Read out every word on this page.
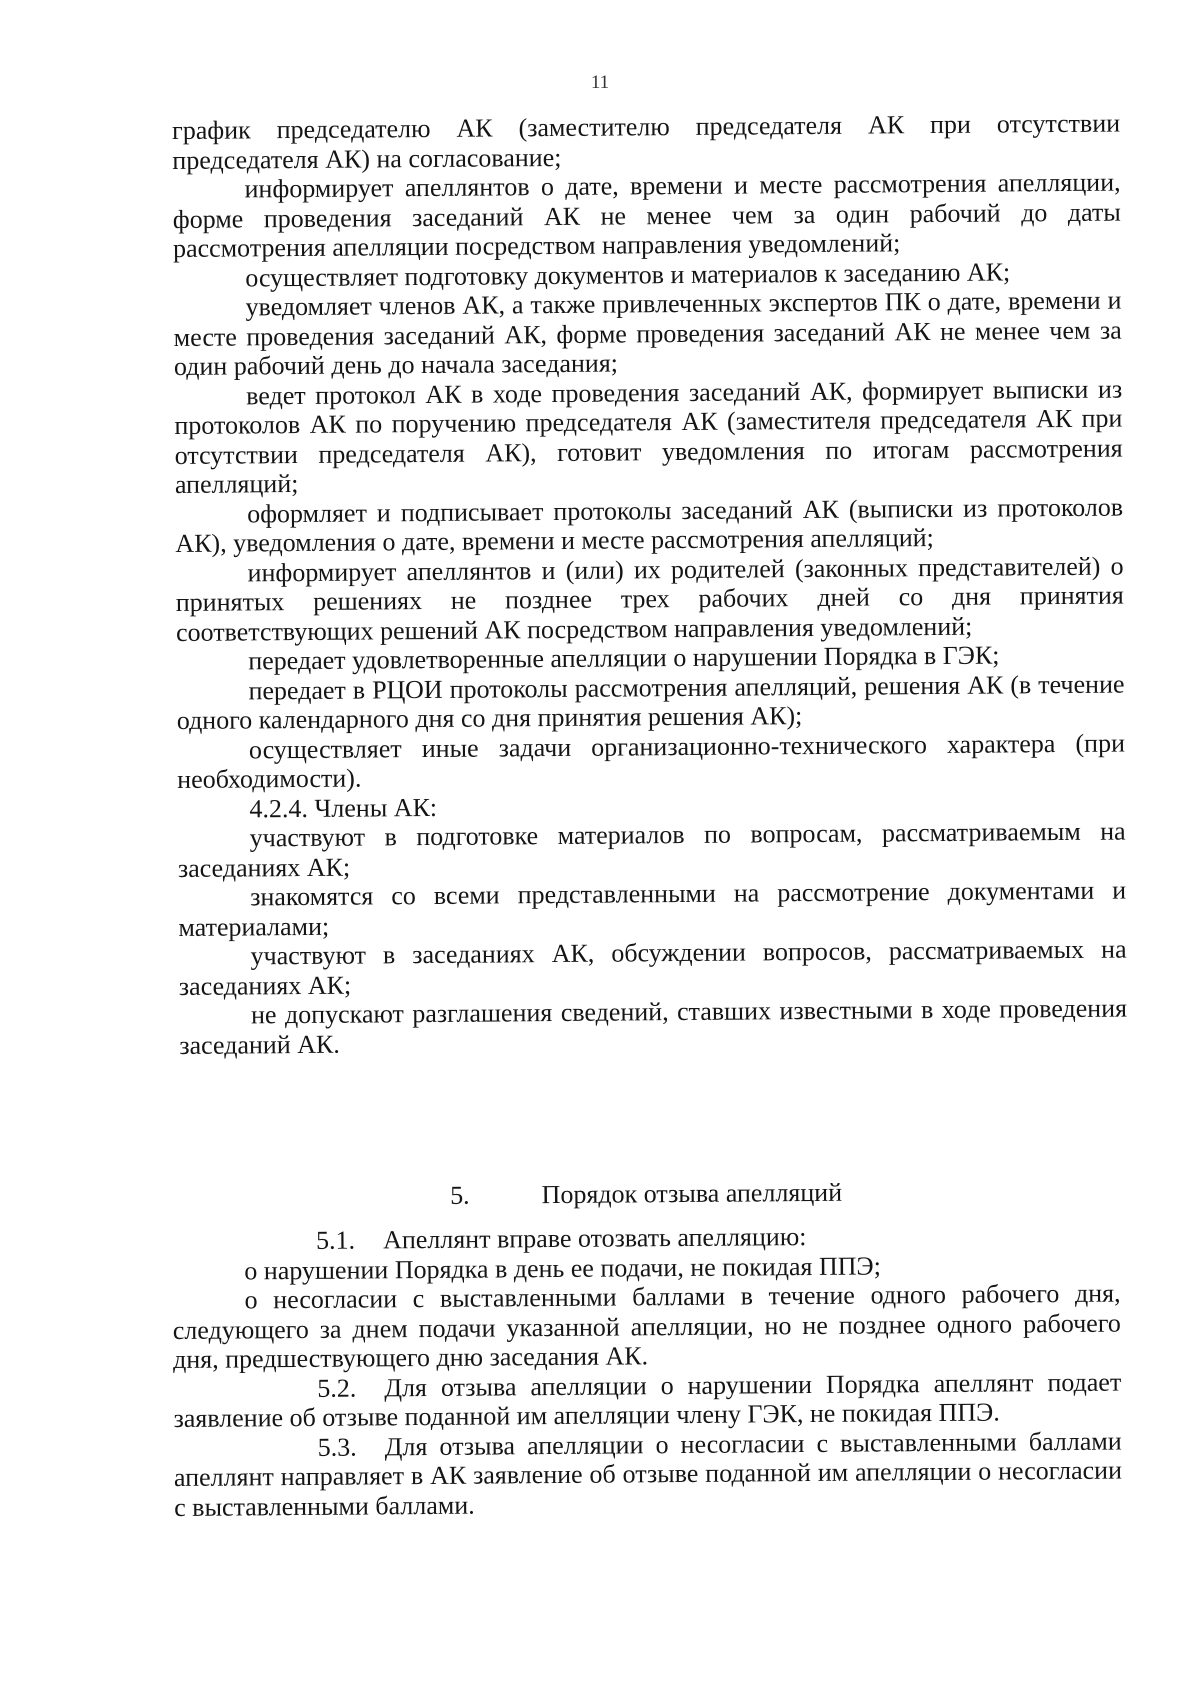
11

график председателю АК (заместителю председателя АК при отсутствии председателя АК) на согласование;

информирует апеллянтов о дате, времени и месте рассмотрения апелляции, форме проведения заседаний АК не менее чем за один рабочий до даты рассмотрения апелляции посредством направления уведомлений;

осуществляет подготовку документов и материалов к заседанию АК;

уведомляет членов АК, а также привлеченных экспертов ПК о дате, времени и месте проведения заседаний АК, форме проведения заседаний АК не менее чем за один рабочий день до начала заседания;

ведет протокол АК в ходе проведения заседаний АК, формирует выписки из протоколов АК по поручению председателя АК (заместителя председателя АК при отсутствии председателя АК), готовит уведомления по итогам рассмотрения апелляций;

оформляет и подписывает протоколы заседаний АК (выписки из протоколов АК), уведомления о дате, времени и месте рассмотрения апелляций;

информирует апеллянтов и (или) их родителей (законных представителей) о принятых решениях не позднее трех рабочих дней со дня принятия соответствующих решений АК посредством направления уведомлений;

передает удовлетворенные апелляции о нарушении Порядка в ГЭК;

передает в РЦОИ протоколы рассмотрения апелляций, решения АК (в течение одного календарного дня со дня принятия решения АК);

осуществляет иные задачи организационно-технического характера (при необходимости).

4.2.4. Члены АК:

участвуют в подготовке материалов по вопросам, рассматриваемым на заседаниях АК;

знакомятся со всеми представленными на рассмотрение документами и материалами;

участвуют в заседаниях АК, обсуждении вопросов, рассматриваемых на заседаниях АК;

не допускают разглашения сведений, ставших известными в ходе проведения заседаний АК.

5.	Порядок отзыва апелляций

5.1. Апеллянт вправе отозвать апелляцию:

о нарушении Порядка в день ее подачи, не покидая ППЭ;

о несогласии с выставленными баллами в течение одного рабочего дня, следующего за днем подачи указанной апелляции, но не позднее одного рабочего дня, предшествующего дню заседания АК.

5.2. Для отзыва апелляции о нарушении Порядка апеллянт подает заявление об отзыве поданной им апелляции члену ГЭК, не покидая ППЭ.

5.3. Для отзыва апелляции о несогласии с выставленными баллами апеллянт направляет в АК заявление об отзыве поданной им апелляции о несогласии с выставленными баллами.
